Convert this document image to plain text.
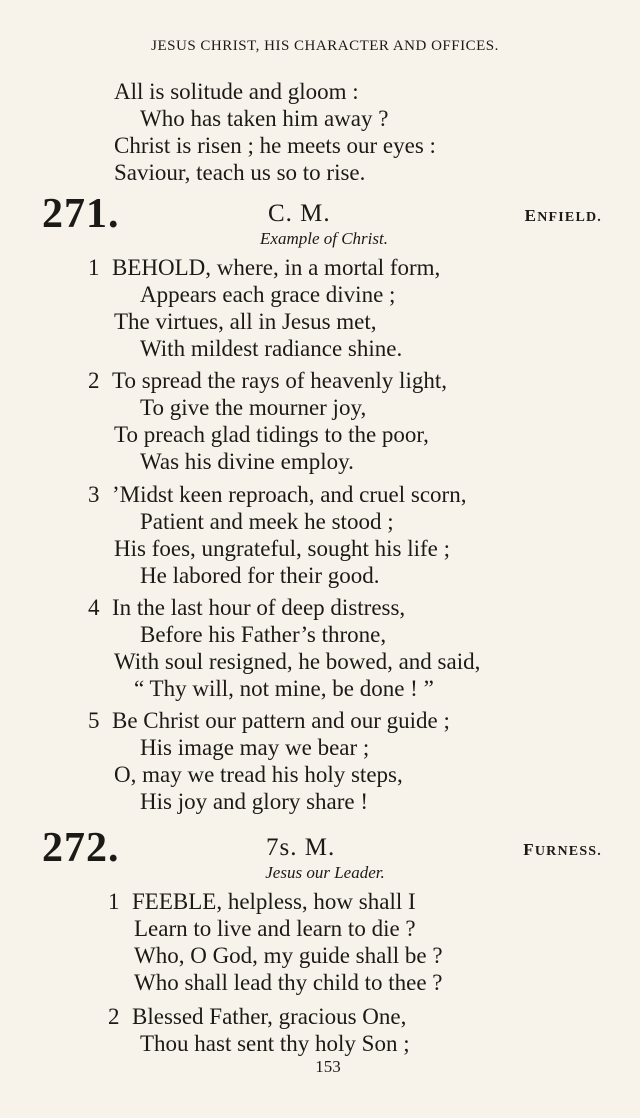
JESUS CHRIST, HIS CHARACTER AND OFFICES.
All is solitude and gloom :
Who has taken him away ?
Christ is risen ; he meets our eyes :
Saviour, teach us so to rise.
271.	C. M.	ENFIELD.
Example of Christ.
1 BEHOLD, where, in a mortal form,
Appears each grace divine ;
The virtues, all in Jesus met,
With mildest radiance shine.
2 To spread the rays of heavenly light,
To give the mourner joy,
To preach glad tidings to the poor,
Was his divine employ.
3 ’Midst keen reproach, and cruel scorn,
Patient and meek he stood ;
His foes, ungrateful, sought his life ;
He labored for their good.
4 In the last hour of deep distress,
Before his Father’s throne,
With soul resigned, he bowed, and said,
“ Thy will, not mine, be done ! ”
5 Be Christ our pattern and our guide ;
His image may we bear ;
O, may we tread his holy steps,
His joy and glory share !
272.	7s. M.	FURNESS.
Jesus our Leader.
1 FEEBLE, helpless, how shall I
Learn to live and learn to die ?
Who, O God, my guide shall be ?
Who shall lead thy child to thee ?
2 Blessed Father, gracious One,
Thou hast sent thy holy Son ;
153
